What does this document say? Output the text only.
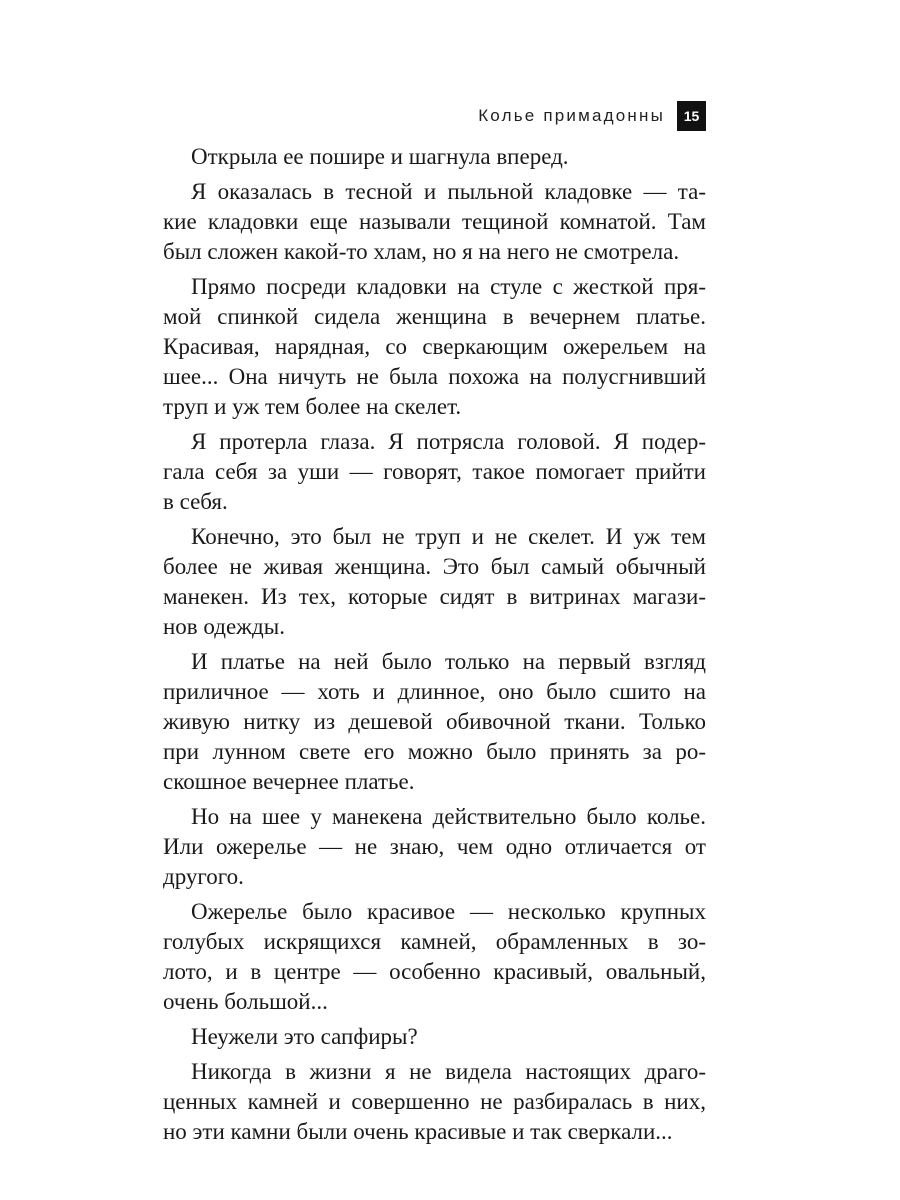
Колье примадонны	15
Открыла ее пошире и шагнула вперед.
Я оказалась в тесной и пыльной кладовке — та-
кие кладовки еще называли тещиной комнатой. Там
был сложен какой-то хлам, но я на него не смотрела.
Прямо посреди кладовки на стуле с жесткой пря-
мой спинкой сидела женщина в вечернем платье.
Красивая, нарядная, со сверкающим ожерельем на
шее... Она ничуть не была похожа на полусгнивший
труп и уж тем более на скелет.
Я протерла глаза. Я потрясла головой. Я подер-
гала себя за уши — говорят, такое помогает прийти
в себя.
Конечно, это был не труп и не скелет. И уж тем
более не живая женщина. Это был самый обычный
манекен. Из тех, которые сидят в витринах магази-
нов одежды.
И платье на ней было только на первый взгляд
приличное — хоть и длинное, оно было сшито на
живую нитку из дешевой обивочной ткани. Только
при лунном свете его можно было принять за ро-
скошное вечернее платье.
Но на шее у манекена действительно было колье.
Или ожерелье — не знаю, чем одно отличается от
другого.
Ожерелье было красивое — несколько крупных
голубых искрящихся камней, обрамленных в зо-
лото, и в центре — особенно красивый, овальный,
очень большой...
Неужели это сапфиры?
Никогда в жизни я не видела настоящих драго-
ценных камней и совершенно не разбиралась в них,
но эти камни были очень красивые и так сверкали...
